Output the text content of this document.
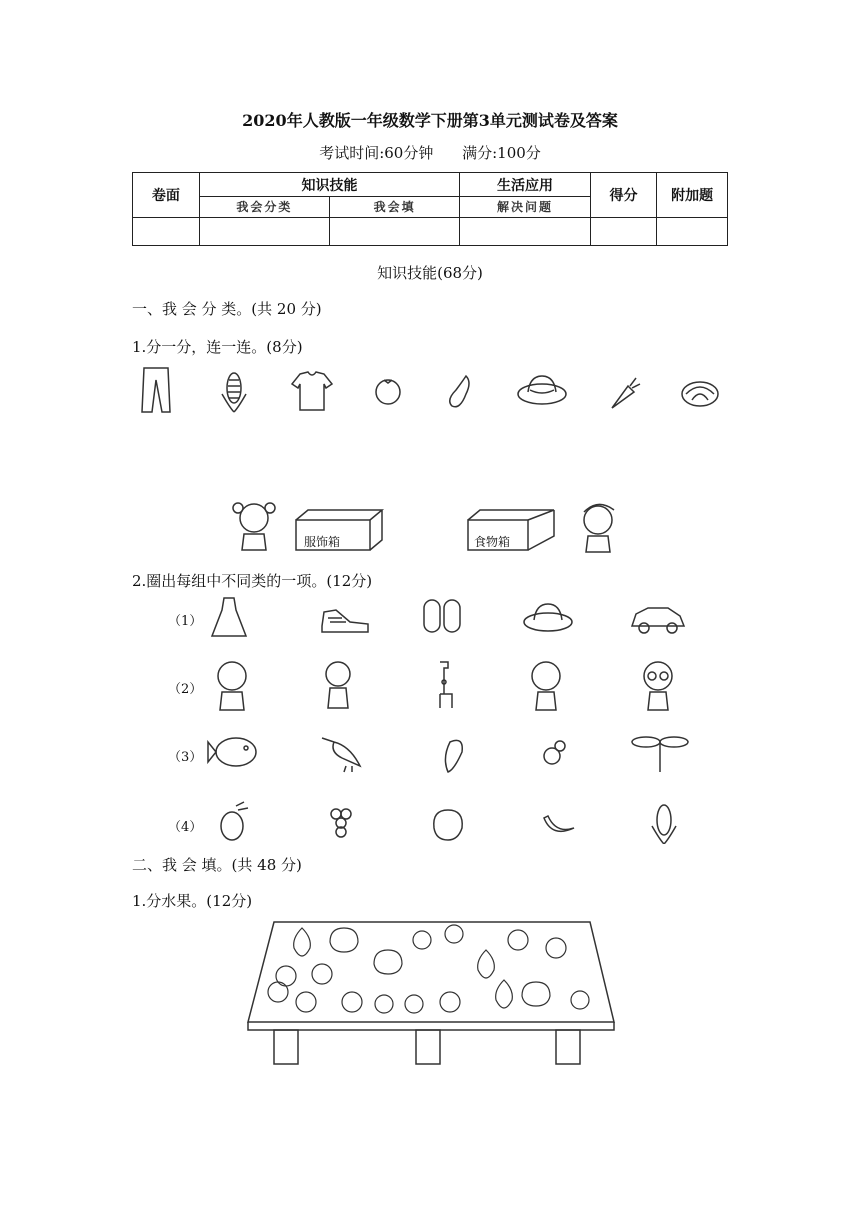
2020年人教版一年级数学下册第3单元测试卷及答案
考试时间:60分钟 满分:100分
卷面	知识技能		生活应用	得分	附加题
	我会分类	我会填	解决问题		

知识技能(68分)
一、我 会 分 类。(共 20 分)
1.分一分，连一连。(8分)
服饰箱	食物箱
2.圈出每组中不同类的一项。(12分)
（1）
（2）
（3）
（4）
二、我 会 填。(共 48 分)
1.分水果。(12分)
